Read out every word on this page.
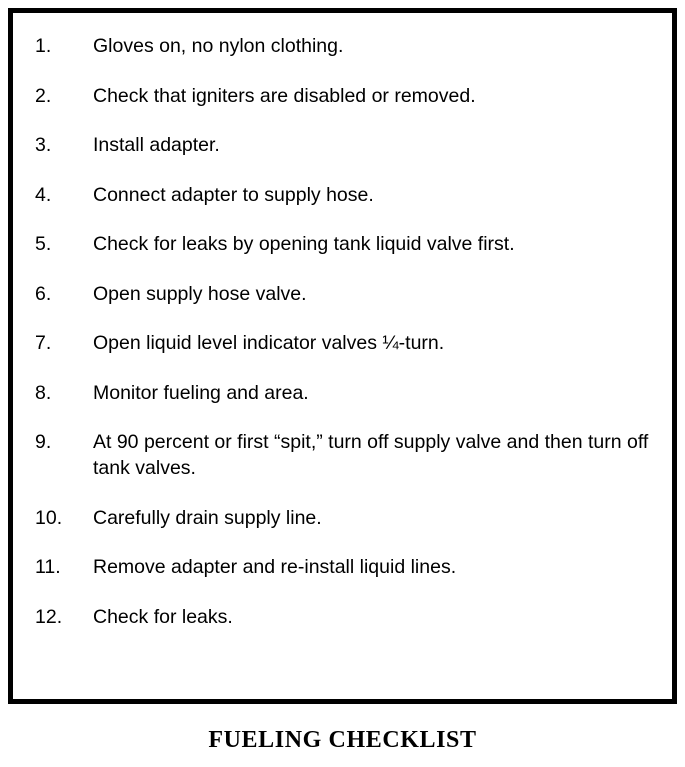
1.	Gloves on, no nylon clothing.
2.	Check that igniters are disabled or removed.
3.	Install adapter.
4.	Connect adapter to supply hose.
5.	Check for leaks by opening tank liquid valve first.
6.	Open supply hose valve.
7.	Open liquid level indicator valves ¼-turn.
8.	Monitor fueling and area.
9.	At 90 percent or first “spit,” turn off supply valve and then turn off tank valves.
10.	Carefully drain supply line.
11.	Remove adapter and re-install liquid lines.
12.	Check for leaks.
FUELING CHECKLIST
